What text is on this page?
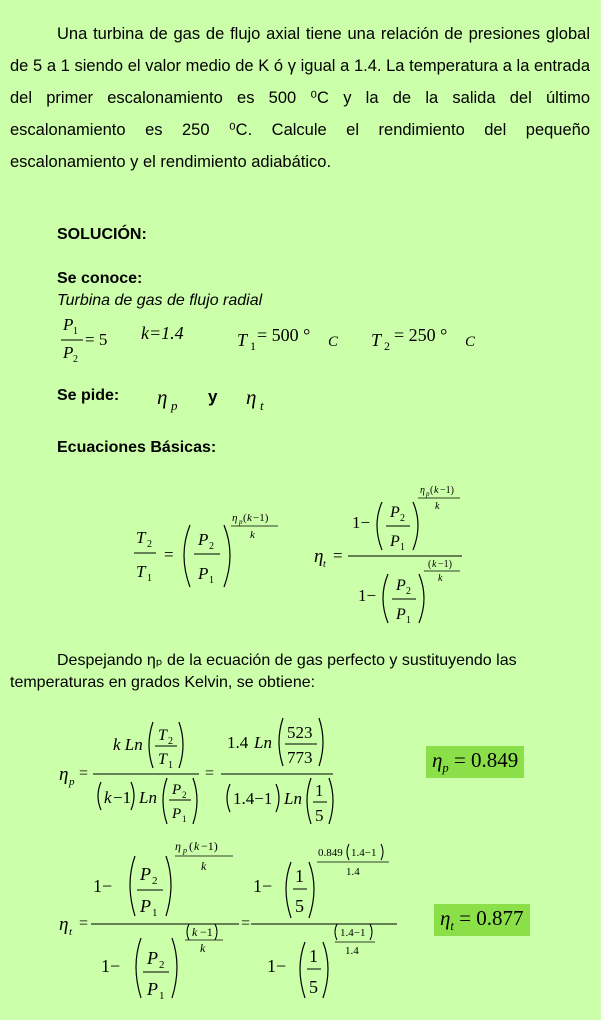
Una turbina de gas de flujo axial tiene una relación de presiones global de 5 a 1 siendo el valor medio de K ó γ igual a 1.4. La temperatura a la entrada del primer escalonamiento es 500 ⁰C y la de la salida del último escalonamiento es 250 ⁰C. Calcule el rendimiento del pequeño escalonamiento y el rendimiento adiabático.

SOLUCIÓN:
Se conoce:
Turbina de gas de flujo radial
P 1
P 2
= 5 k=1.4	T 1
= 500 ° C T 2
= 250 ° C
Se pide: η p y η t
Ecuaciones Básicas:
T 2
T 1
=
P 2
P 1
η p ( k −1)
k
η t =
1−
P 2
P 1
η p ( k −1)
k
1−
P 2
P 1
( k −1)
k

Despejando ηₚ de la ecuación de gas perfecto y sustituyendo las temperaturas en grados Kelvin, se obtiene:

η p =
k Ln T 2
T 1
k −1 Ln P 2
P 1
=
1.4 Ln
523
773
1.4−1 Ln 1
5
$\eta_p = 0.849$
η t =
1−
P 2
P 1
η p ( k −1)
k
1− P 2
P 1
k −1
k
=
1− 1
5
0.849 1.4−1
1.4
1− 1
5
1.4−1
1.4
$\eta_t = 0.877$
